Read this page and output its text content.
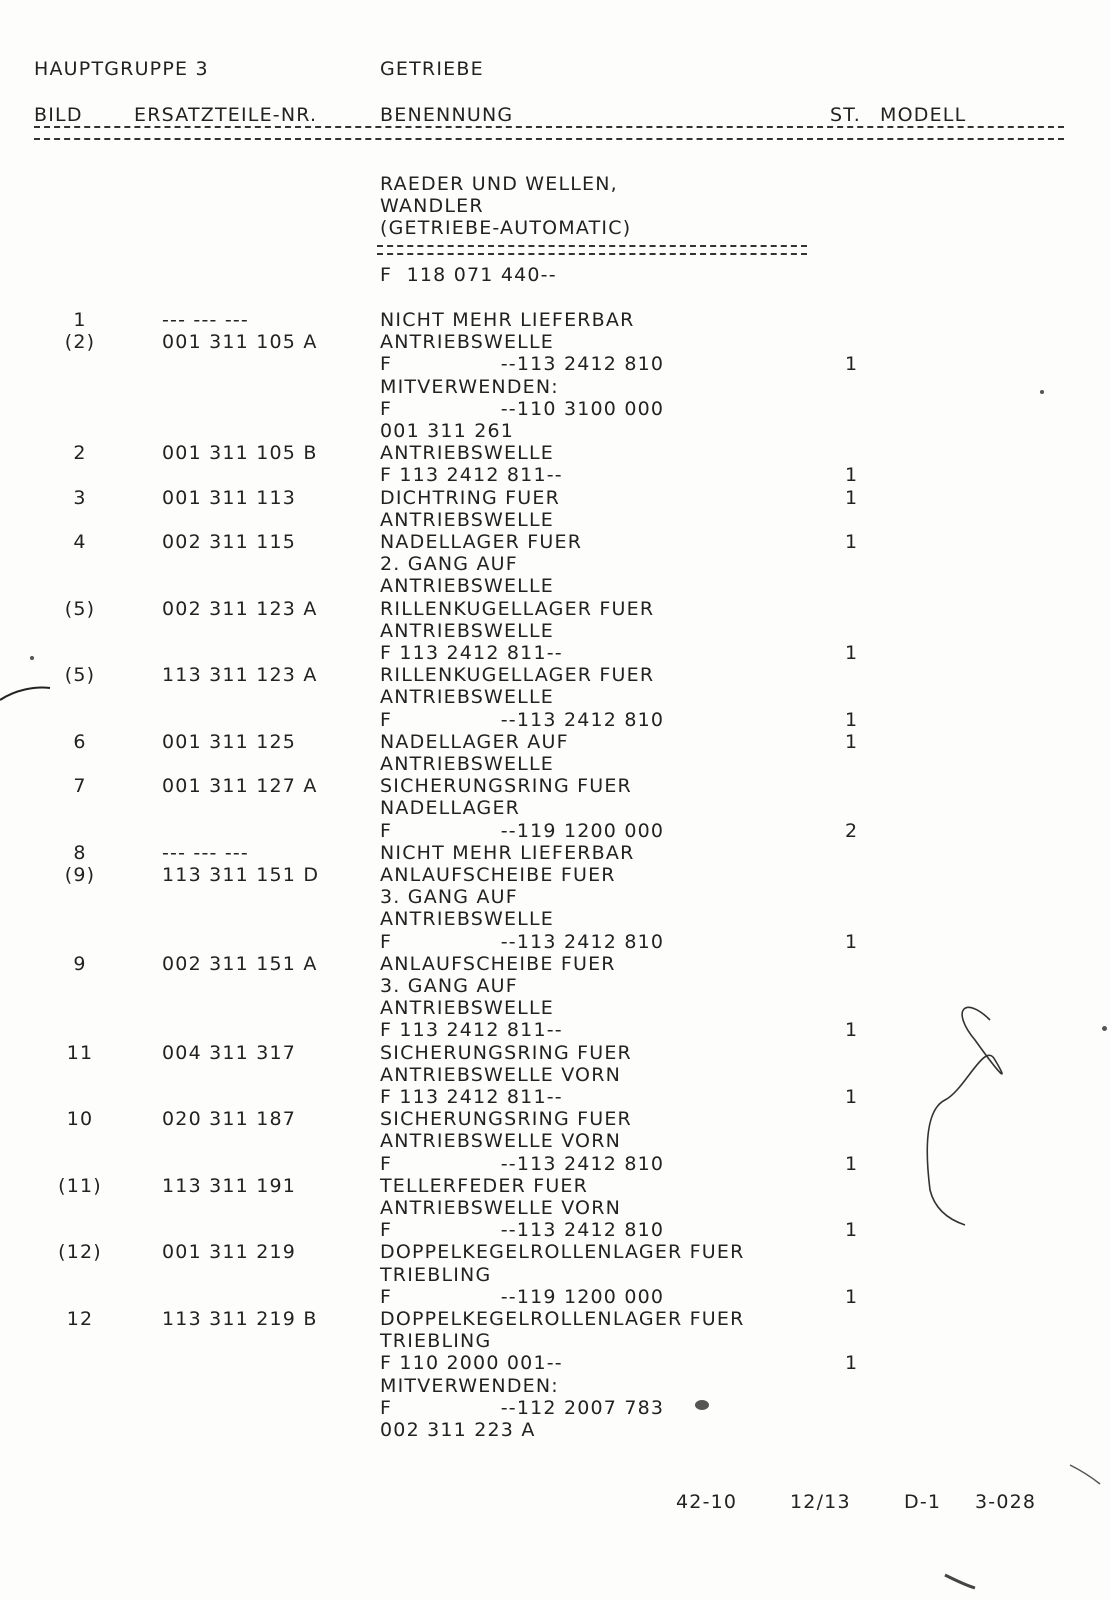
HAUPTGRUPPE 3	GETRIEBE
BILD	ERSATZTEILE-NR.	BENENNUNG	ST. MODELL
RAEDER UND WELLEN,
WANDLER
(GETRIEBE-AUTOMATIC)
F  118 071 440--
1	--- --- ---	NICHT MEHR LIEFERBAR
(2)	001 311 105 A	ANTRIEBSWELLE
F               --113 2412 810	1
MITVERWENDEN:
F               --110 3100 000
001 311 261
2	001 311 105 B	ANTRIEBSWELLE
F 113 2412 811--	1
3	001 311 113	DICHTRING FUER	1
ANTRIEBSWELLE
4	002 311 115	NADELLAGER FUER	1
2. GANG AUF
ANTRIEBSWELLE
(5)	002 311 123 A	RILLENKUGELLAGER FUER
ANTRIEBSWELLE
F 113 2412 811--	1
(5)	113 311 123 A	RILLENKUGELLAGER FUER
ANTRIEBSWELLE
F               --113 2412 810	1
6	001 311 125	NADELLAGER AUF	1
ANTRIEBSWELLE
7	001 311 127 A	SICHERUNGSRING FUER
NADELLAGER
F               --119 1200 000	2
8	--- --- ---	NICHT MEHR LIEFERBAR
(9)	113 311 151 D	ANLAUFSCHEIBE FUER
3. GANG AUF
ANTRIEBSWELLE
F               --113 2412 810	1
9	002 311 151 A	ANLAUFSCHEIBE FUER
3. GANG AUF
ANTRIEBSWELLE
F 113 2412 811--	1
11	004 311 317	SICHERUNGSRING FUER
ANTRIEBSWELLE VORN
F 113 2412 811--	1
10	020 311 187	SICHERUNGSRING FUER
ANTRIEBSWELLE VORN
F               --113 2412 810	1
(11)	113 311 191	TELLERFEDER FUER
ANTRIEBSWELLE VORN
F               --113 2412 810	1
(12)	001 311 219	DOPPELKEGELROLLENLAGER FUER
TRIEBLING
F               --119 1200 000	1
12	113 311 219 B	DOPPELKEGELROLLENLAGER FUER
TRIEBLING
F 110 2000 001--	1
MITVERWENDEN:
F               --112 2007 783
002 311 223 A
42-10	12/13	D-1 3-028
